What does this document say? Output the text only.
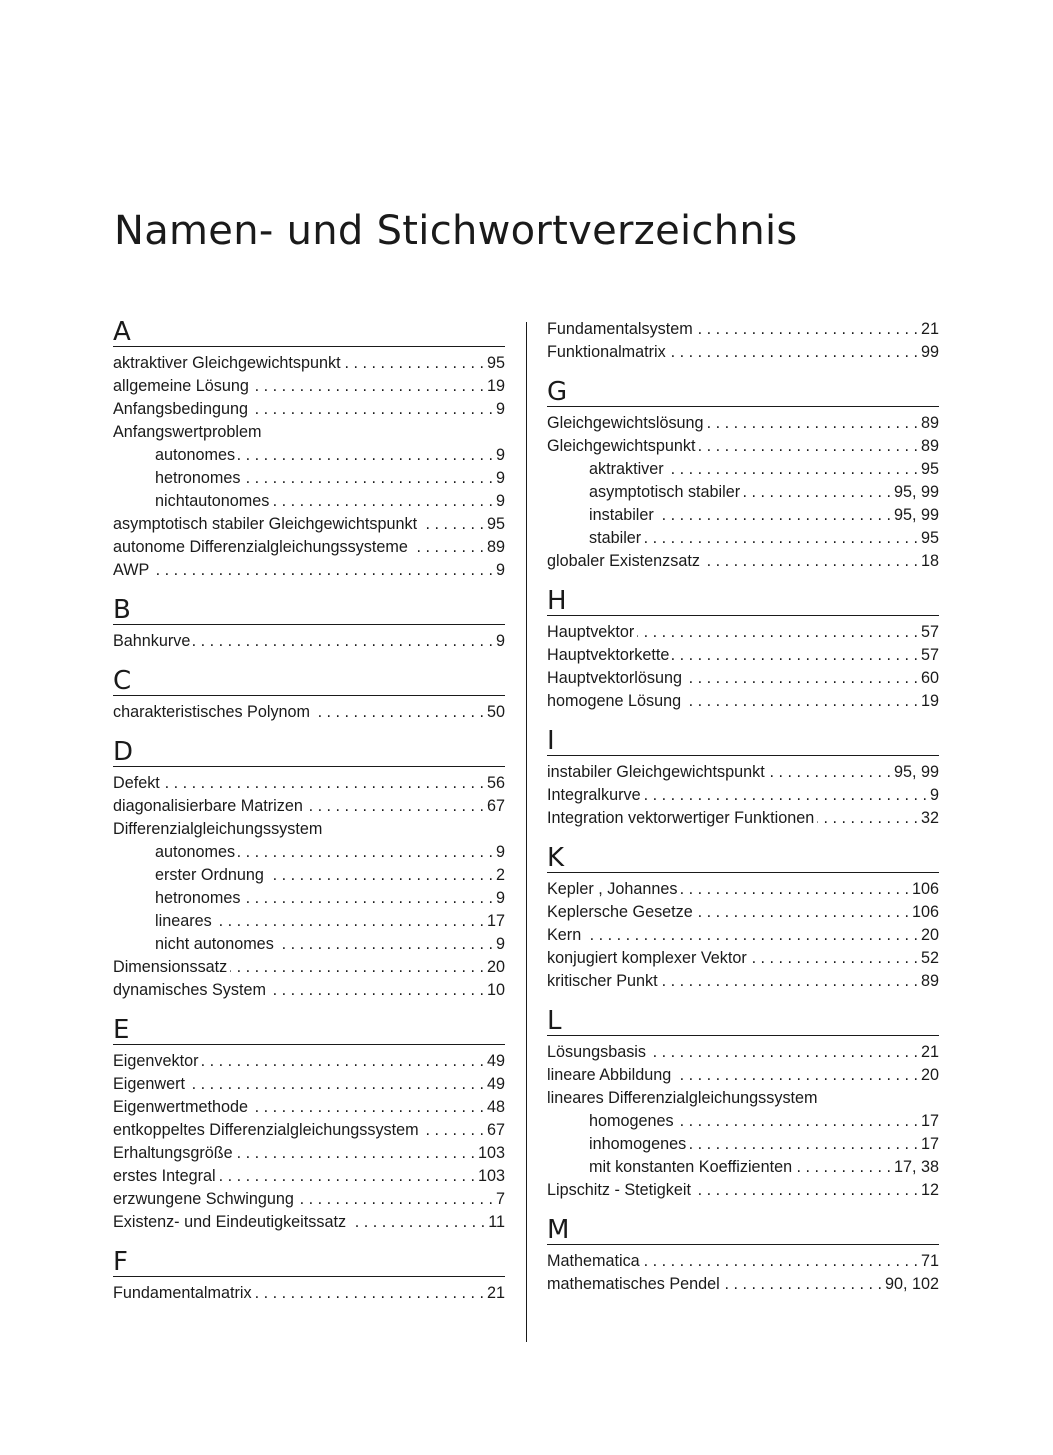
Namen- und Stichwortverzeichnis
A
aktraktiver Gleichgewichtspunkt . . .	95
allgemeine Lösung . . .	19
Anfangsbedingung . . .	9
Anfangswertproblem
autonomes . . .	9
hetronomes . . .	9
nichtautonomes . . .	9
asymptotisch stabiler Gleichgewichtspunkt . . .	95
autonome Differenzialgleichungssysteme . . .	89
AWP . . .	9
B
Bahnkurve . . .	9
C
charakteristisches Polynom . . .	50
D
Defekt . . .	56
diagonalisierbare Matrizen . . .	67
Differenzialgleichungssystem
autonomes . . .	9
erster Ordnung . . .	2
hetronomes . . .	9
lineares . . .	17
nicht autonomes . . .	9
Dimensionssatz . . .	20
dynamisches System . . .	10
E
Eigenvektor . . .	49
Eigenwert . . .	49
Eigenwertmethode . . .	48
entkoppeltes Differenzialgleichungssystem . . .	67
Erhaltungsgröße . . .	103
erstes Integral . . .	103
erzwungene Schwingung . . .	7
Existenz- und Eindeutigkeitssatz . . .	11
F
Fundamentalmatrix . . .	21
Fundamentalsystem . . .	21
Funktionalmatrix . . .	99
G
Gleichgewichtslösung . . .	89
Gleichgewichtspunkt . . .	89
aktraktiver . . .	95
asymptotisch stabiler . . .	95, 99
instabiler . . .	95, 99
stabiler . . .	95
globaler Existenzsatz . . .	18
H
Hauptvektor . . .	57
Hauptvektorkette . . .	57
Hauptvektorlösung . . .	60
homogene Lösung . . .	19
I
instabiler Gleichgewichtspunkt . . .	95, 99
Integralkurve . . .	9
Integration vektorwertiger Funktionen . . .	32
K
Kepler , Johannes . . .	106
Keplersche Gesetze . . .	106
Kern . . .	20
konjugiert komplexer Vektor . . .	52
kritischer Punkt . . .	89
L
Lösungsbasis . . .	21
lineare Abbildung . . .	20
lineares Differenzialgleichungssystem
homogenes . . .	17
inhomogenes . . .	17
mit konstanten Koeffizienten . . .	17, 38
Lipschitz - Stetigkeit . . .	12
M
Mathematica . . .	71
mathematisches Pendel . . .	90, 102
